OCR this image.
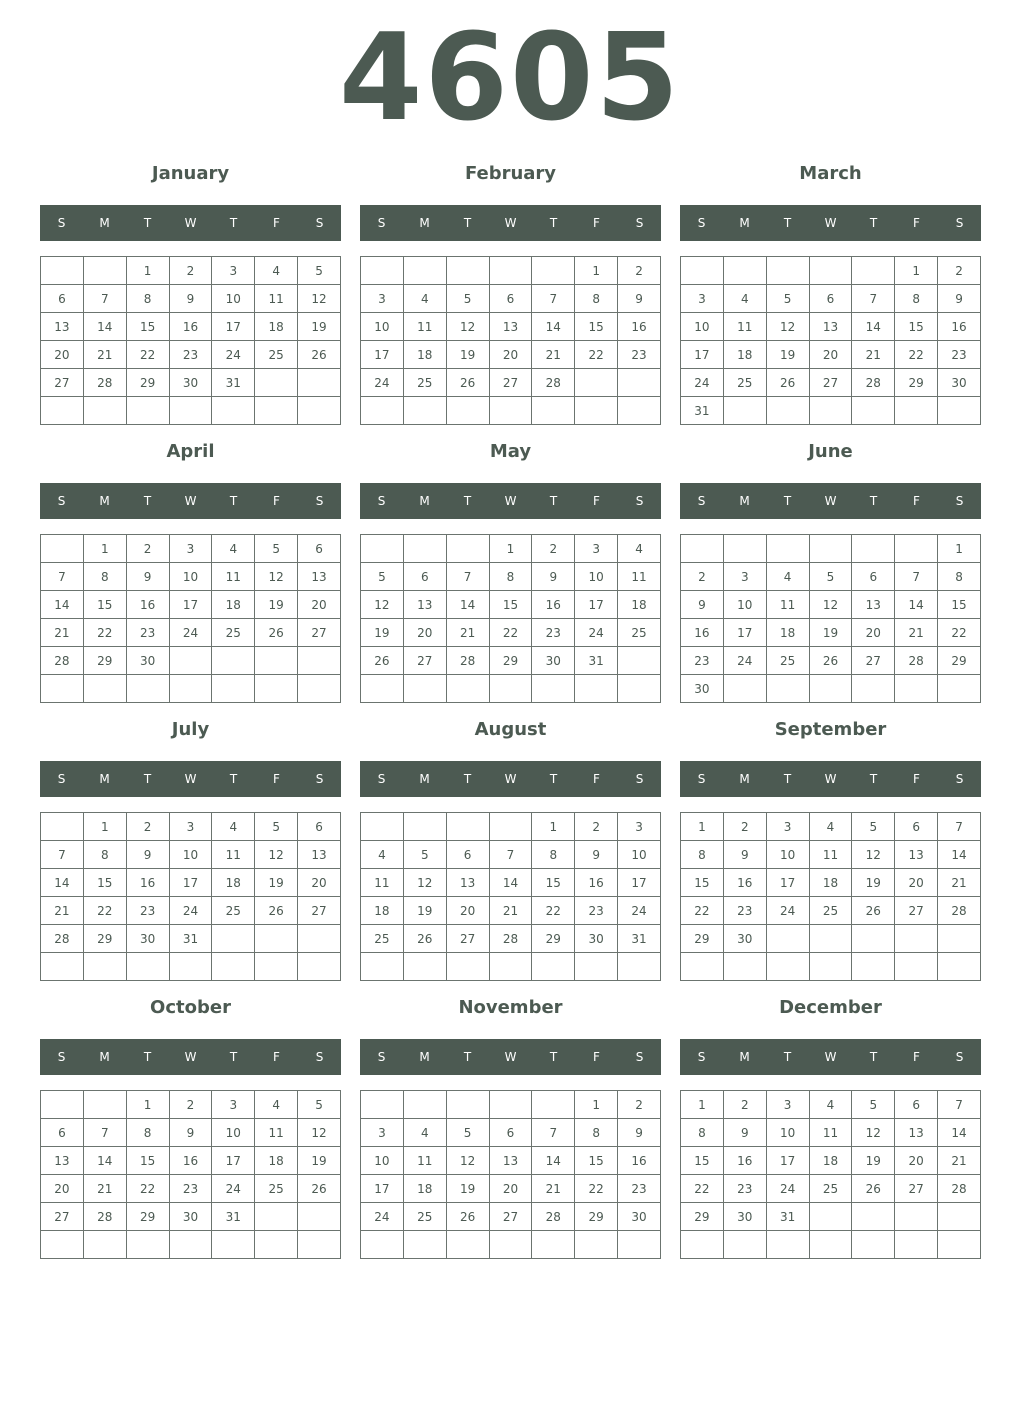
4605
January
S	M	T	W	T	F	S
		1	2	3	4	5
6	7	8	9	10	11	12
13	14	15	16	17	18	19
20	21	22	23	24	25	26
27	28	29	30	31		

February
S	M	T	W	T	F	S
					1	2
3	4	5	6	7	8	9
10	11	12	13	14	15	16
17	18	19	20	21	22	23
24	25	26	27	28		

March
S	M	T	W	T	F	S
					1	2
3	4	5	6	7	8	9
10	11	12	13	14	15	16
17	18	19	20	21	22	23
24	25	26	27	28	29	30
31						
April
S	M	T	W	T	F	S
	1	2	3	4	5	6
7	8	9	10	11	12	13
14	15	16	17	18	19	20
21	22	23	24	25	26	27
28	29	30				

May
S	M	T	W	T	F	S
			1	2	3	4
5	6	7	8	9	10	11
12	13	14	15	16	17	18
19	20	21	22	23	24	25
26	27	28	29	30	31	

June
S	M	T	W	T	F	S
						1
2	3	4	5	6	7	8
9	10	11	12	13	14	15
16	17	18	19	20	21	22
23	24	25	26	27	28	29
30						
July
S	M	T	W	T	F	S
	1	2	3	4	5	6
7	8	9	10	11	12	13
14	15	16	17	18	19	20
21	22	23	24	25	26	27
28	29	30	31			

August
S	M	T	W	T	F	S
				1	2	3
4	5	6	7	8	9	10
11	12	13	14	15	16	17
18	19	20	21	22	23	24
25	26	27	28	29	30	31

September
S	M	T	W	T	F	S
1	2	3	4	5	6	7
8	9	10	11	12	13	14
15	16	17	18	19	20	21
22	23	24	25	26	27	28
29	30					

October
S	M	T	W	T	F	S
		1	2	3	4	5
6	7	8	9	10	11	12
13	14	15	16	17	18	19
20	21	22	23	24	25	26
27	28	29	30	31		

November
S	M	T	W	T	F	S
					1	2
3	4	5	6	7	8	9
10	11	12	13	14	15	16
17	18	19	20	21	22	23
24	25	26	27	28	29	30

December
S	M	T	W	T	F	S
1	2	3	4	5	6	7
8	9	10	11	12	13	14
15	16	17	18	19	20	21
22	23	24	25	26	27	28
29	30	31				
